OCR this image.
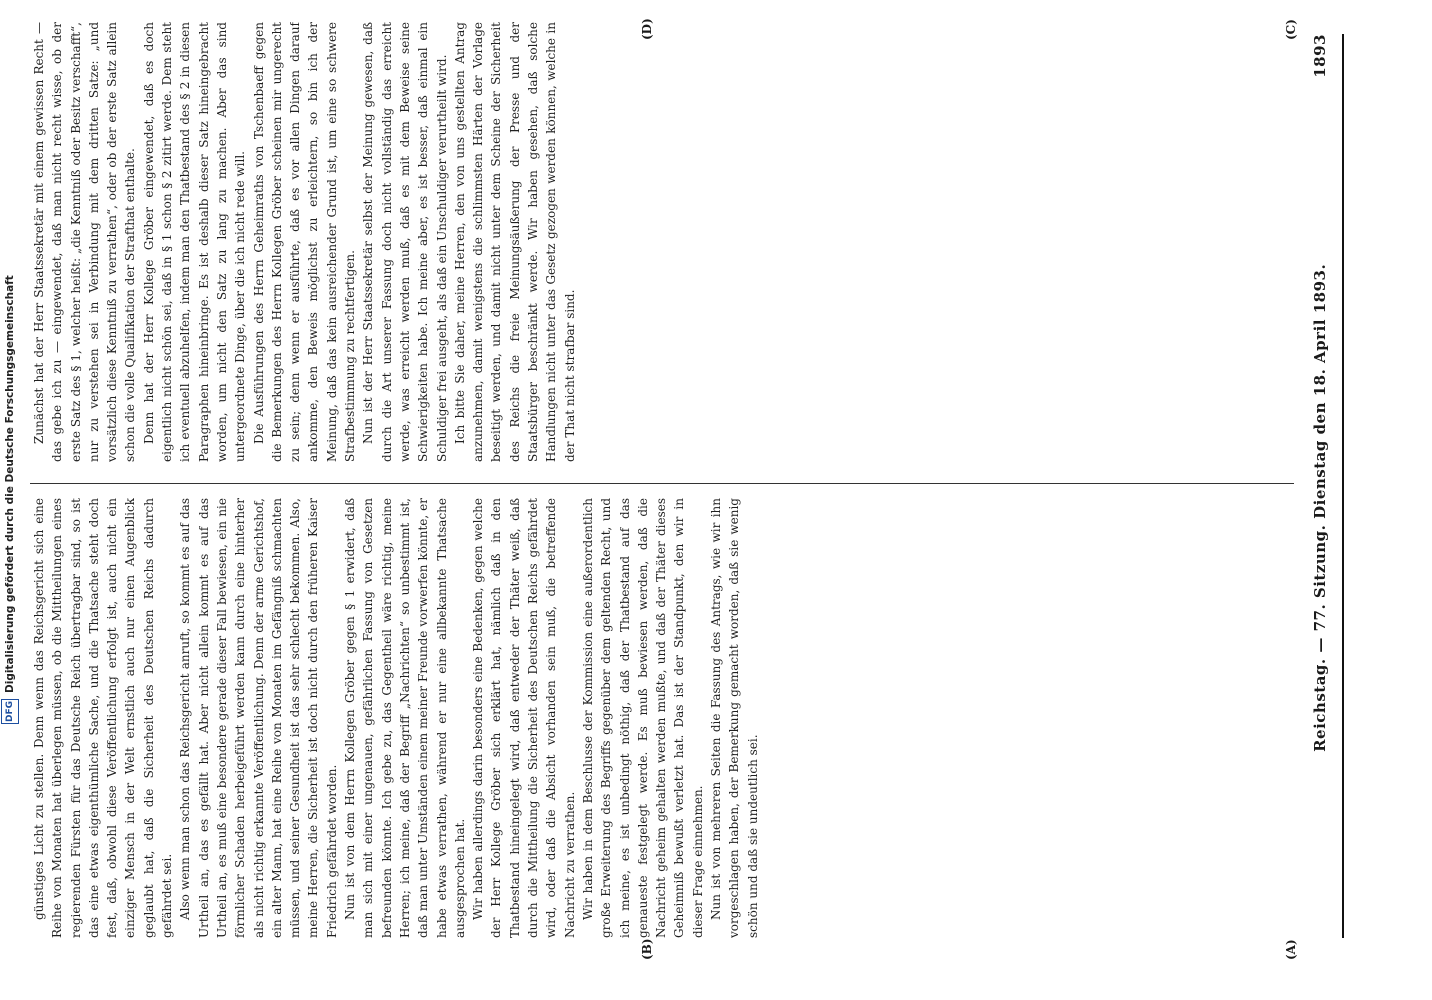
DFG
Digitalisierung gefördert durch die Deutsche Forschungsgemeinschaft	Reichstag. — 77. Sitzung. Dienstag den 18. April 1893.
1893
(A)
(B)
(C)
(D)

günstiges Licht zu stellen. Denn wenn das Reichsgericht sich eine Reihe von Monaten hat überlegen müssen, ob die Mittheilungen eines regierenden Fürsten für das Deutsche Reich übertragbar sind, so ist das eine etwas eigenthümliche Sache, und die Thatsache steht doch fest, daß, obwohl diese Veröffentlichung erfolgt ist, auch nicht ein einziger Mensch in der Welt ernstlich auch nur einen Augenblick geglaubt hat, daß die Sicherheit des Deutschen Reichs dadurch gefährdet sei. Also wenn man schon das Reichsgericht anruft, so kommt es auf das Urtheil an, das es gefällt hat. Aber nicht allein kommt es auf das Urtheil an, es muß eine besondere gerade dieser Fall bewiesen, ein nie förmlicher Schaden herbeigeführt werden kann durch eine hinterher als nicht richtig erkannte Veröffentlichung. Denn der arme Gerichtshof, ein alter Mann, hat eine Reihe von Monaten im Gefängniß schmachten müssen, und seiner Gesundheit ist das sehr schlecht bekommen. Also, meine Herren, die Sicherheit ist doch nicht durch den früheren Kaiser Friedrich gefährdet worden. Nun ist von dem Herrn Kollegen Gröber gegen § 1 erwidert, daß man sich mit einer ungenauen, gefährlichen Fassung von Gesetzen befreunden könnte. Ich gebe zu, das Gegentheil wäre richtig, meine Herren; ich meine, daß der Begriff „Nachrichten“ so unbestimmt ist, daß man unter Umständen einem meiner Freunde vorwerfen könnte, er habe etwas verrathen, während er nur eine allbekannte Thatsache ausgesprochen hat. Wir haben allerdings darin besonders eine Bedenken, gegen welche der Herr Kollege Gröber sich erklärt hat, nämlich daß in den Thatbestand hineingelegt wird, daß entweder der Thäter weiß, daß durch die Mittheilung die Sicherheit des Deutschen Reichs gefährdet wird, oder daß die Absicht vorhanden sein muß, die betreffende Nachricht zu verrathen. Wir haben in dem Beschlusse der Kommission eine außerordentlich große Erweiterung des Begriffs gegenüber dem geltenden Recht, und ich meine, es ist unbedingt nöthig, daß der Thatbestand auf das genaueste festgelegt werde. Es muß bewiesen werden, daß die Nachricht geheim gehalten werden mußte, und daß der Thäter dieses Geheimniß bewußt verletzt hat. Das ist der Standpunkt, den wir in dieser Frage einnehmen. Nun ist von mehreren Seiten die Fassung des Antrags, wie wir ihn vorgeschlagen haben, der Bemerkung gemacht worden, daß sie wenig schön und daß sie undeutlich sei.

Zunächst hat der Herr Staatssekretär mit einem gewissen Recht — das gebe ich zu — eingewendet, daß man nicht recht wisse, ob der erste Satz des § 1, welcher heißt: „die Kenntniß oder Besitz verschafft“, nur zu verstehen sei in Verbindung mit dem dritten Satze: „und vorsätzlich diese Kenntniß zu verrathen“, oder ob der erste Satz allein schon die volle Qualifikation der Strafthat enthalte. Denn hat der Herr Kollege Gröber eingewendet, daß es doch eigentlich nicht schön sei, daß in § 1 schon § 2 zitirt werde. Dem steht ich eventuell abzuhelfen, indem man den Thatbestand des § 2 in diesen Paragraphen hineinbringe. Es ist deshalb dieser Satz hineingebracht worden, um nicht den Satz zu lang zu machen. Aber das sind untergeordnete Dinge, über die ich nicht rede will. Die Ausführungen des Herrn Geheimraths von Tschenbaeff gegen die Bemerkungen des Herrn Kollegen Gröber scheinen mir ungerecht zu sein; denn wenn er ausführte, daß es vor allen Dingen darauf ankomme, den Beweis möglichst zu erleichtern, so bin ich der Meinung, daß das kein ausreichender Grund ist, um eine so schwere Strafbestimmung zu rechtfertigen. Nun ist der Herr Staatssekretär selbst der Meinung gewesen, daß durch die Art unserer Fassung doch nicht vollständig das erreicht werde, was erreicht werden muß, daß es mit dem Beweise seine Schwierigkeiten habe. Ich meine aber, es ist besser, daß einmal ein Schuldiger frei ausgeht, als daß ein Unschuldiger verurtheilt wird. Ich bitte Sie daher, meine Herren, den von uns gestellten Antrag anzunehmen, damit wenigstens die schlimmsten Härten der Vorlage beseitigt werden, und damit nicht unter dem Scheine der Sicherheit des Reichs die freie Meinungsäußerung der Presse und der Staatsbürger beschränkt werde. Wir haben gesehen, daß solche Handlungen nicht unter das Gesetz gezogen werden können, welche in der That nicht strafbar sind.
